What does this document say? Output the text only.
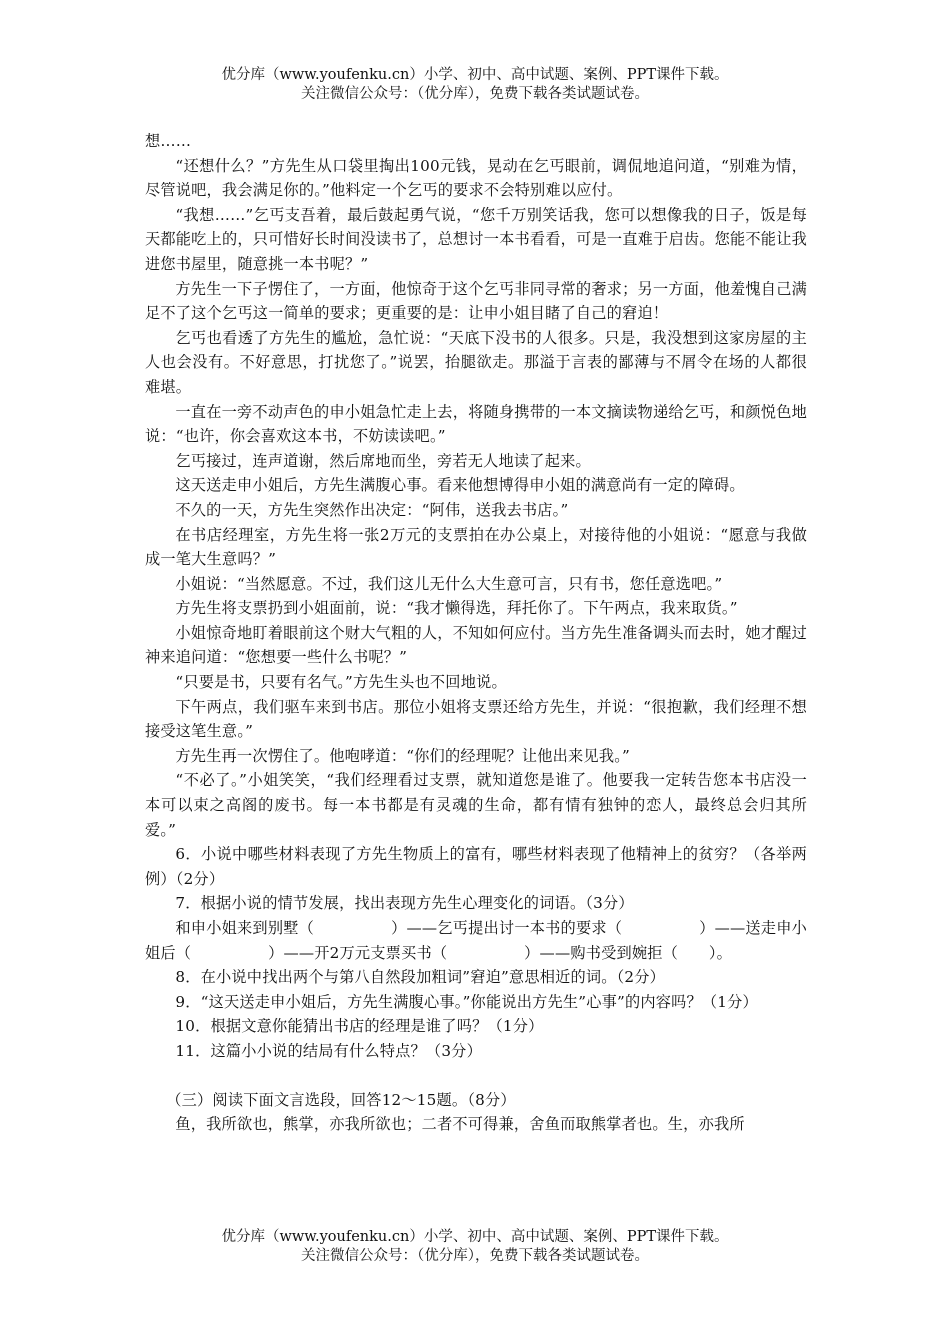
优分库（www.youfenku.cn）小学、初中、高中试题、案例、PPT课件下载。
关注微信公众号：（优分库），免费下载各类试题试卷。

想……

“还想什么？”方先生从口袋里掏出100元钱，晃动在乞丐眼前，调侃地追问道，“别难为情，尽管说吧，我会满足你的。”他料定一个乞丐的要求不会特别难以应付。

“我想……”乞丐支吾着，最后鼓起勇气说，“您千万别笑话我，您可以想像我的日子，饭是每天都能吃上的，只可惜好长时间没读书了，总想讨一本书看看，可是一直难于启齿。您能不能让我进您书屋里，随意挑一本书呢？”

方先生一下子愣住了，一方面，他惊奇于这个乞丐非同寻常的奢求；另一方面，他羞愧自己满足不了这个乞丐这一简单的要求；更重要的是：让申小姐目睹了自己的窘迫！

乞丐也看透了方先生的尴尬，急忙说：“天底下没书的人很多。只是，我没想到这家房屋的主人也会没有。不好意思，打扰您了。”说罢，抬腿欲走。那溢于言表的鄙薄与不屑令在场的人都很难堪。

一直在一旁不动声色的申小姐急忙走上去，将随身携带的一本文摘读物递给乞丐，和颜悦色地说：“也许，你会喜欢这本书，不妨读读吧。”

乞丐接过，连声道谢，然后席地而坐，旁若无人地读了起来。

这天送走申小姐后，方先生满腹心事。看来他想博得申小姐的满意尚有一定的障碍。

不久的一天，方先生突然作出决定：“阿伟，送我去书店。”

在书店经理室，方先生将一张2万元的支票拍在办公桌上，对接待他的小姐说：“愿意与我做成一笔大生意吗？”

小姐说：“当然愿意。不过，我们这儿无什么大生意可言，只有书，您任意选吧。”

方先生将支票扔到小姐面前，说：“我才懒得选，拜托你了。下午两点，我来取货。”

小姐惊奇地盯着眼前这个财大气粗的人，不知如何应付。当方先生准备调头而去时，她才醒过神来追问道：“您想要一些什么书呢？”

“只要是书，只要有名气。”方先生头也不回地说。

下午两点，我们驱车来到书店。那位小姐将支票还给方先生，并说：“很抱歉，我们经理不想接受这笔生意。”

方先生再一次愣住了。他咆哮道：“你们的经理呢？让他出来见我。”

“不必了。”小姐笑笑，“我们经理看过支票，就知道您是谁了。他要我一定转告您本书店没一本可以束之高阁的废书。每一本书都是有灵魂的生命，都有情有独钟的恋人，最终总会归其所爱。”

6．小说中哪些材料表现了方先生物质上的富有，哪些材料表现了他精神上的贫穷？（各举两例）（2分）

7．根据小说的情节发展，找出表现方先生心理变化的词语。（3分）

和申小姐来到别墅（　　　　　）——乞丐提出讨一本书的要求（　　　　　）——送走申小姐后（　　　　　）——开2万元支票买书（　　　　　）——购书受到婉拒（　　）。

8．在小说中找出两个与第八自然段加粗词”窘迫”意思相近的词。（2分）

9．“这天送走申小姐后，方先生满腹心事。”你能说出方先生”心事”的内容吗？（1分）

10．根据文意你能猜出书店的经理是谁了吗？（1分）

11．这篇小小说的结局有什么特点？（3分）

（三）阅读下面文言选段，回答12～15题。（8分）

鱼，我所欲也，熊掌，亦我所欲也；二者不可得兼，舍鱼而取熊掌者也。生，亦我所

优分库（www.youfenku.cn）小学、初中、高中试题、案例、PPT课件下载。
关注微信公众号：（优分库），免费下载各类试题试卷。
